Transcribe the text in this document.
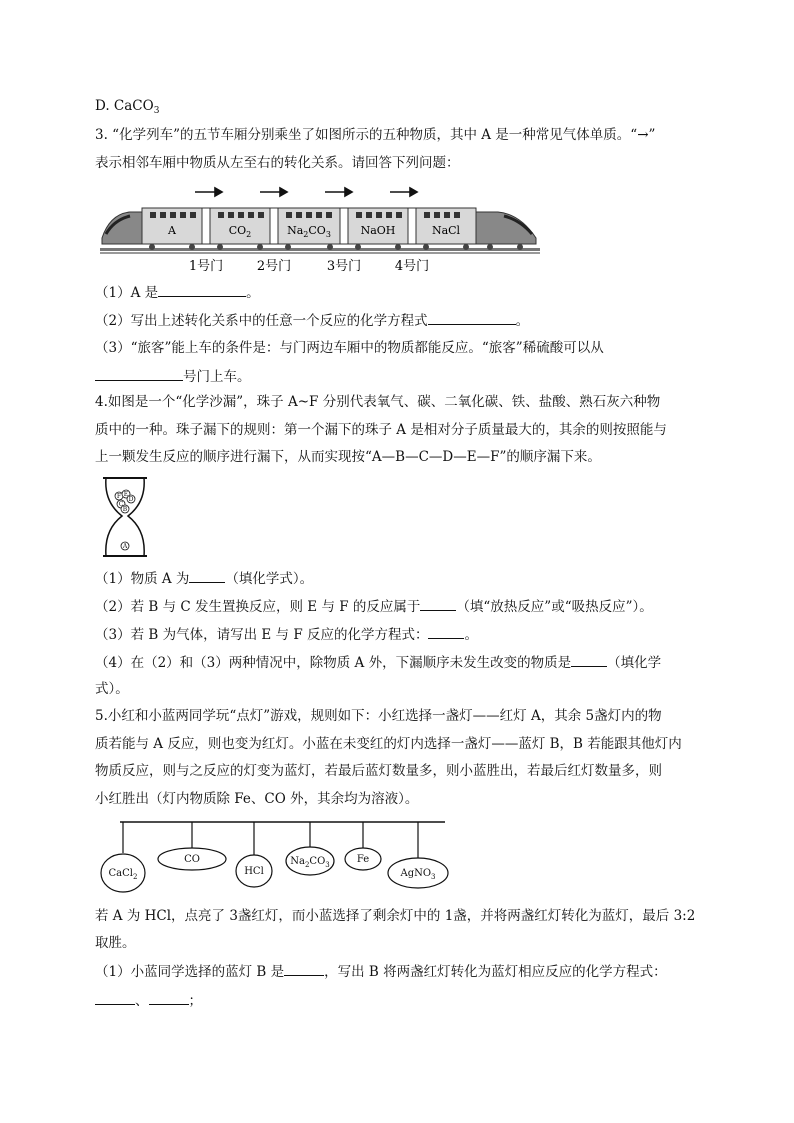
D. CaCO$_3$
3. “化学列车”的五节车厢分别乘坐了如图所示的五种物质，其中 A 是一种常见气体单质。“→”
表示相邻车厢中物质从左至右的转化关系。请回答下列问题：
A	$CO_2$	$Na_2CO_3$	NaOH	NaCl
1号门	2号门	3号门	4号门
（1）A 是	。
（2）写出上述转化关系中的任意一个反应的化学方程式	。
（3）“旅客”能上车的条件是：与门两边车厢中的物质都能反应。“旅客”稀硫酸可以从
号门上车。
4.如图是一个“化学沙漏”，珠子 A~F 分别代表氧气、碳、二氧化碳、铁、盐酸、熟石灰六种物
质中的一种。珠子漏下的规则：第一个漏下的珠子 A 是相对分子质量最大的，其余的则按照能与
上一颗发生反应的顺序进行漏下，从而实现按“A—B—C—D—E—F”的顺序漏下来。
F E
D
C
B
A
（1）物质 A 为	（填化学式）。
（2）若 B 与 C 发生置换反应，则 E 与 F 的反应属于	（填“放热反应”或“吸热反应”）。
（3）若 B 为气体，请写出 E 与 F 反应的化学方程式：	。
（4）在（2）和（3）两种情况中，除物质 A 外，下漏顺序未发生改变的物质是	（填化学
式）。
5.小红和小蓝两同学玩“点灯”游戏，规则如下：小红选择一盏灯——红灯 A，其余 5盏灯内的物
质若能与 A 反应，则也变为红灯。小蓝在未变红的灯内选择一盏灯——蓝灯 B，B 若能跟其他灯内
物质反应，则与之反应的灯变为蓝灯，若最后蓝灯数量多，则小蓝胜出，若最后红灯数量多，则
小红胜出（灯内物质除 Fe、CO 外，其余均为溶液）。
CaCl$_2$
CO
HCl
$Na_2CO_3$	Fe
AgNO$_3$
若 A 为 HCl，点亮了 3盏红灯，而小蓝选择了剩余灯中的 1盏，并将两盏红灯转化为蓝灯，最后 3:2
取胜。
（1）小蓝同学选择的蓝灯 B 是	，写出 B 将两盏红灯转化为蓝灯相应反应的化学方程式：
、	；
